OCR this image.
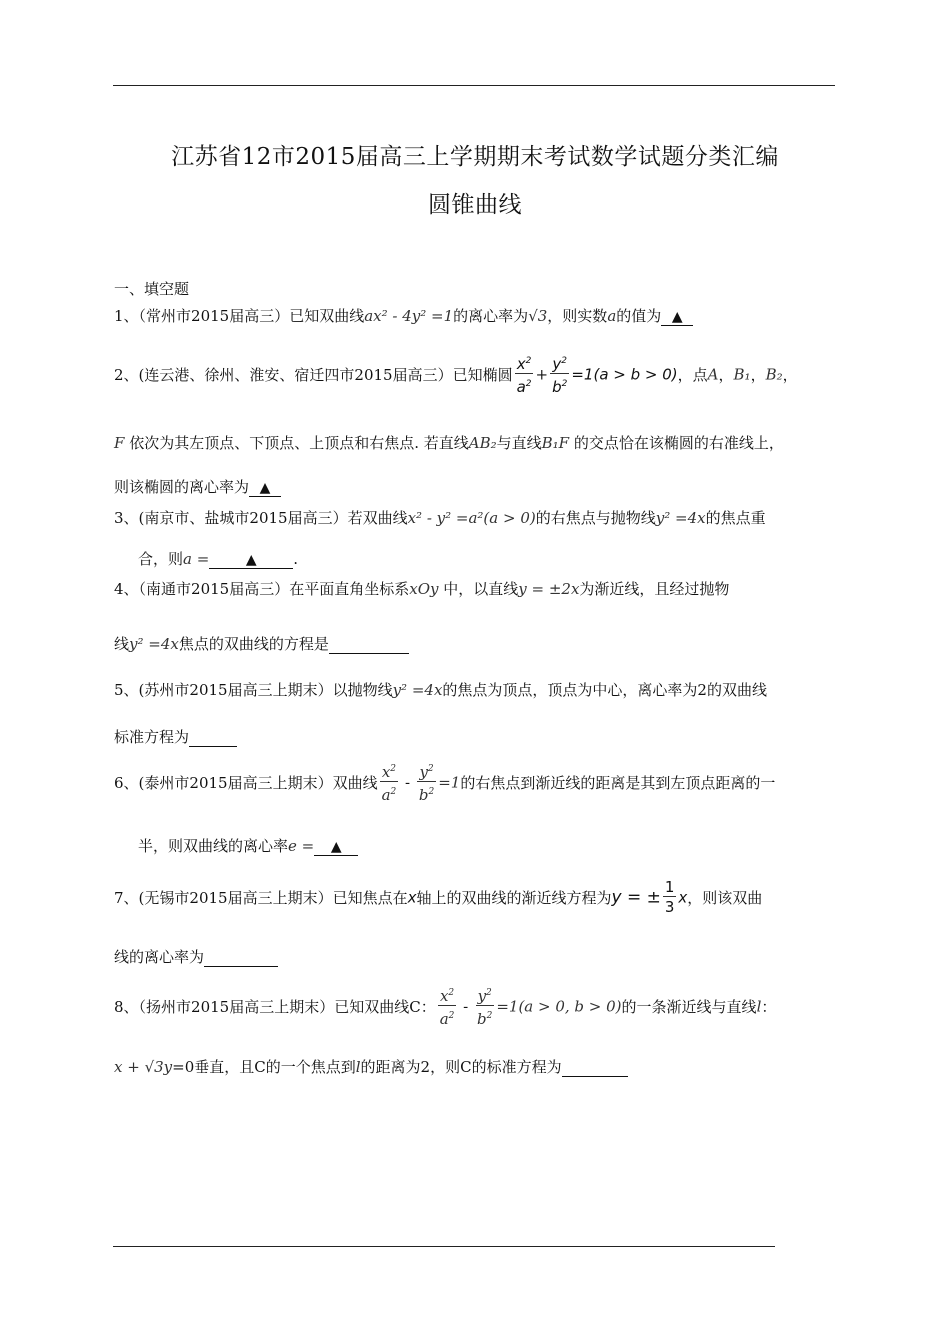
江苏省12市2015届高三上学期期末考试数学试题分类汇编
圆锥曲线
一、填空题
1、（常州市2015届高三）已知双曲线ax² - 4y² =1的离心率为√3，则实数a的值为 ▲
2、(连云港、徐州、淮安、宿迁四市2015届高三）已知椭圆 $\frac{x^2}{a^2} + \frac{y^2}{b^2} =1(a > b > 0)$，点A，B₁，B₂，
F 依次为其左顶点、下顶点、上顶点和右焦点. 若直线AB₂与直线B₁F 的交点恰在该椭圆的右准线上，
则该椭圆的离心率为 ▲
3、(南京市、盐城市2015届高三）若双曲线x² - y² =a²(a > 0)的右焦点与抛物线y² =4x的焦点重
合，则a =	▲ .
4、（南通市2015届高三）在平面直角坐标系xOy 中，以直线y = ±2x为渐近线，且经过抛物
线y² =4x焦点的双曲线的方程是
5、(苏州市2015届高三上期末）以抛物线y² =4x的焦点为顶点，顶点为中心，离心率为2的双曲线
标准方程为
6、(泰州市2015届高三上期末）双曲线 $\frac{x^2}{a^2} - \frac{y^2}{b^2} =1$的右焦点到渐近线的距离是其到左顶点距离的一
半，则双曲线的离心率e = ▲
7、(无锡市2015届高三上期末）已知焦点在x轴上的双曲线的渐近线方程为y = ± $\frac{1}{3}$ x，则该双曲
线的离心率为
8、（扬州市2015届高三上期末）已知双曲线C： $\frac{x^2}{a^2} - \frac{y^2}{b^2} =1(a > 0$, b > 0)的一条渐近线与直线l：
x + √3y=0垂直，且C的一个焦点到l的距离为2，则C的标准方程为
